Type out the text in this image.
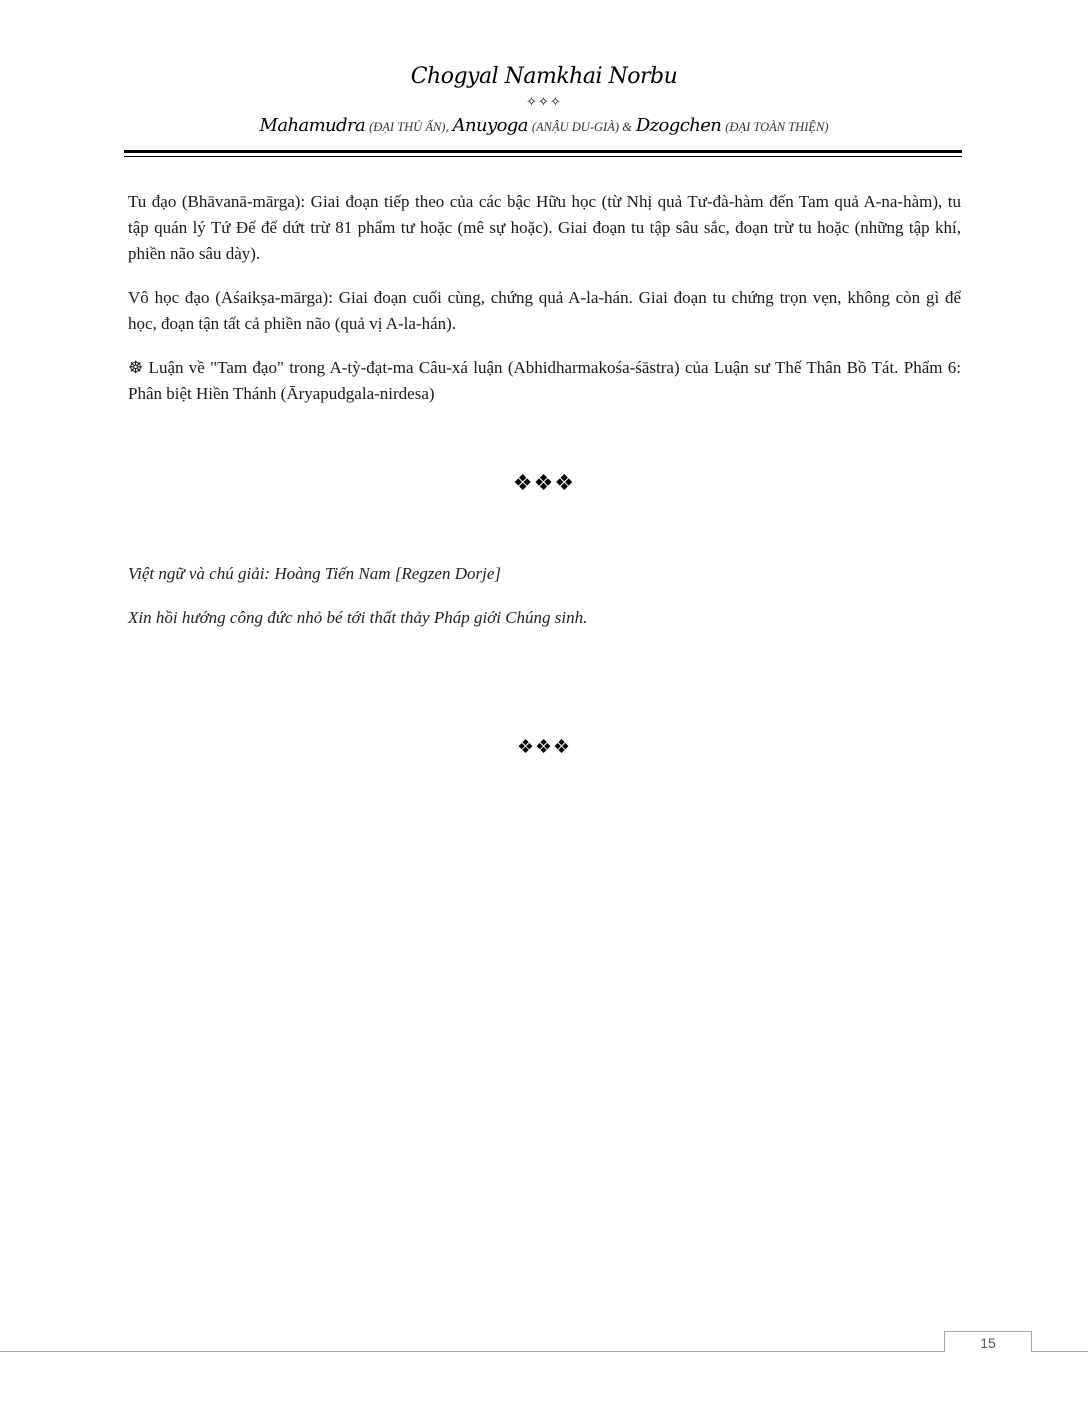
Chogyal Namkhai Norbu
✧✧✧
Mahamudra (ĐẠI THỦ ẤN), Anuyoga (ANẬU DU-GIÀ) & Dzogchen (ĐẠI TOÀN THIỆN)

Tu đạo (Bhāvanā-mārga): Giai đoạn tiếp theo của các bậc Hữu học (từ Nhị quả Tư-đà-hàm đến Tam quả A-na-hàm), tu tập quán lý Tứ Đế để dứt trừ 81 phẩm tư hoặc (mê sự hoặc). Giai đoạn tu tập sâu sắc, đoạn trừ tu hoặc (những tập khí, phiền não sâu dày).

Vô học đạo (Aśaikṣa-mārga): Giai đoạn cuối cùng, chứng quả A-la-hán. Giai đoạn tu chứng trọn vẹn, không còn gì để học, đoạn tận tất cả phiền não (quả vị A-la-hán).

☸ Luận về "Tam đạo" trong A-tỳ-đạt-ma Câu-xá luận (Abhidharmakośa-śāstra) của Luận sư Thế Thân Bồ Tát. Phẩm 6: Phân biệt Hiền Thánh (Āryapudgala-nirdesa)

❖❖❖

Việt ngữ và chú giải: Hoàng Tiến Nam [Regzen Dorje]

Xin hồi hướng công đức nhỏ bé tới thất thảy Pháp giới Chúng sinh.

❖❖❖
15
